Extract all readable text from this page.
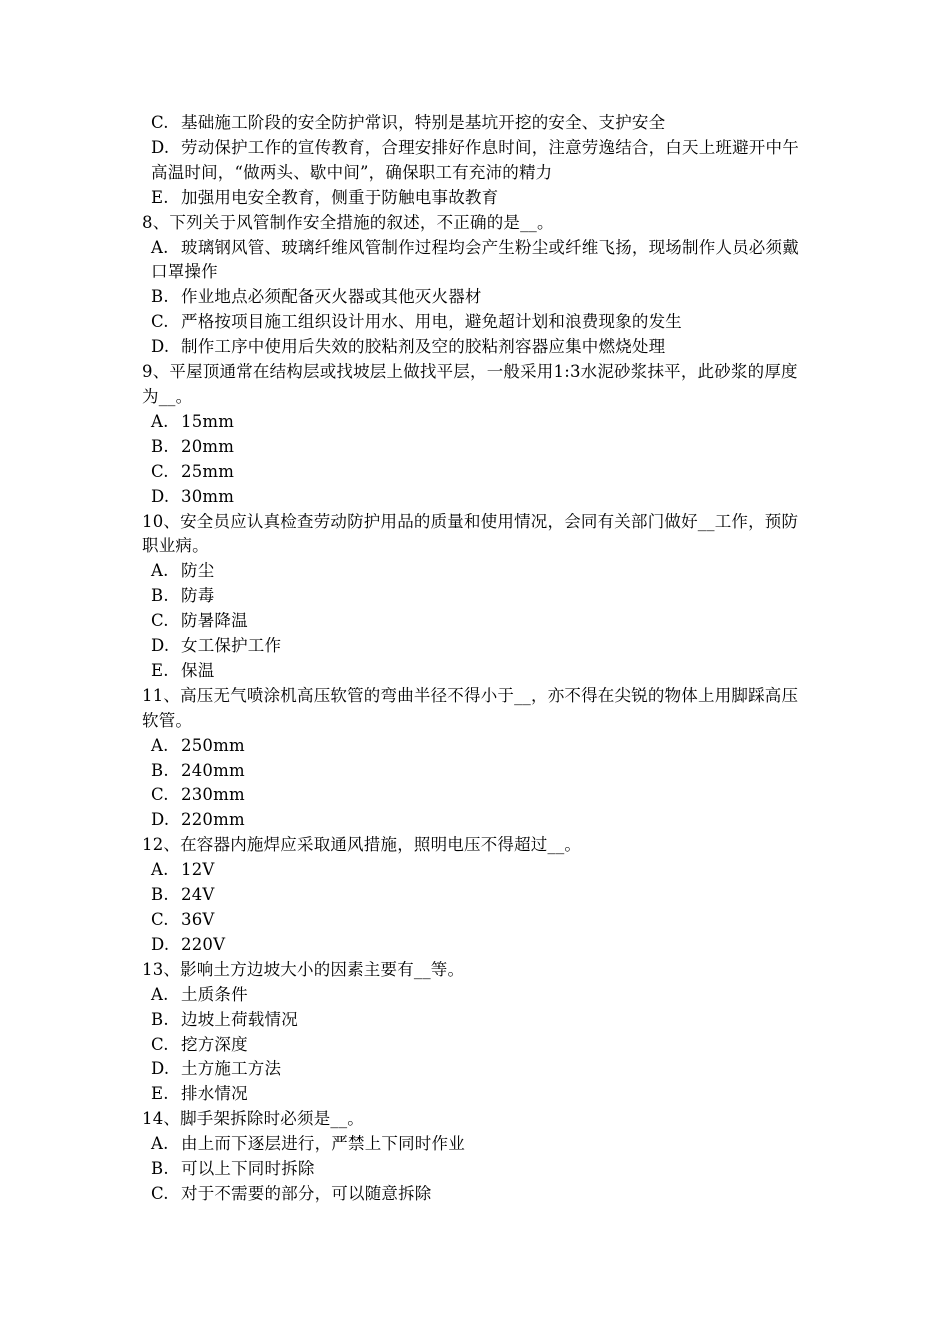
C. 基础施工阶段的安全防护常识，特别是基坑开挖的安全、支护安全

D. 劳动保护工作的宣传教育，合理安排好作息时间，注意劳逸结合，白天上班避开中午高温时间，“做两头、歇中间”，确保职工有充沛的精力

E. 加强用电安全教育，侧重于防触电事故教育

8、下列关于风管制作安全措施的叙述，不正确的是__。

A. 玻璃钢风管、玻璃纤维风管制作过程均会产生粉尘或纤维飞扬，现场制作人员必须戴口罩操作

B. 作业地点必须配备灭火器或其他灭火器材

C. 严格按项目施工组织设计用水、用电，避免超计划和浪费现象的发生

D. 制作工序中使用后失效的胶粘剂及空的胶粘剂容器应集中燃烧处理

9、平屋顶通常在结构层或找坡层上做找平层，一般采用1:3水泥砂浆抹平，此砂浆的厚度为__。

A. 15mm

B. 20mm

C. 25mm

D. 30mm

10、安全员应认真检查劳动防护用品的质量和使用情况，会同有关部门做好__工作，预防职业病。

A. 防尘

B. 防毒

C. 防暑降温

D. 女工保护工作

E. 保温

11、高压无气喷涂机高压软管的弯曲半径不得小于__，亦不得在尖锐的物体上用脚踩高压软管。

A. 250mm

B. 240mm

C. 230mm

D. 220mm

12、在容器内施焊应采取通风措施，照明电压不得超过__。

A. 12V

B. 24V

C. 36V

D. 220V

13、影响土方边坡大小的因素主要有__等。

A. 土质条件

B. 边坡上荷载情况

C. 挖方深度

D. 土方施工方法

E. 排水情况

14、脚手架拆除时必须是__。

A. 由上而下逐层进行，严禁上下同时作业

B. 可以上下同时拆除

C. 对于不需要的部分，可以随意拆除
